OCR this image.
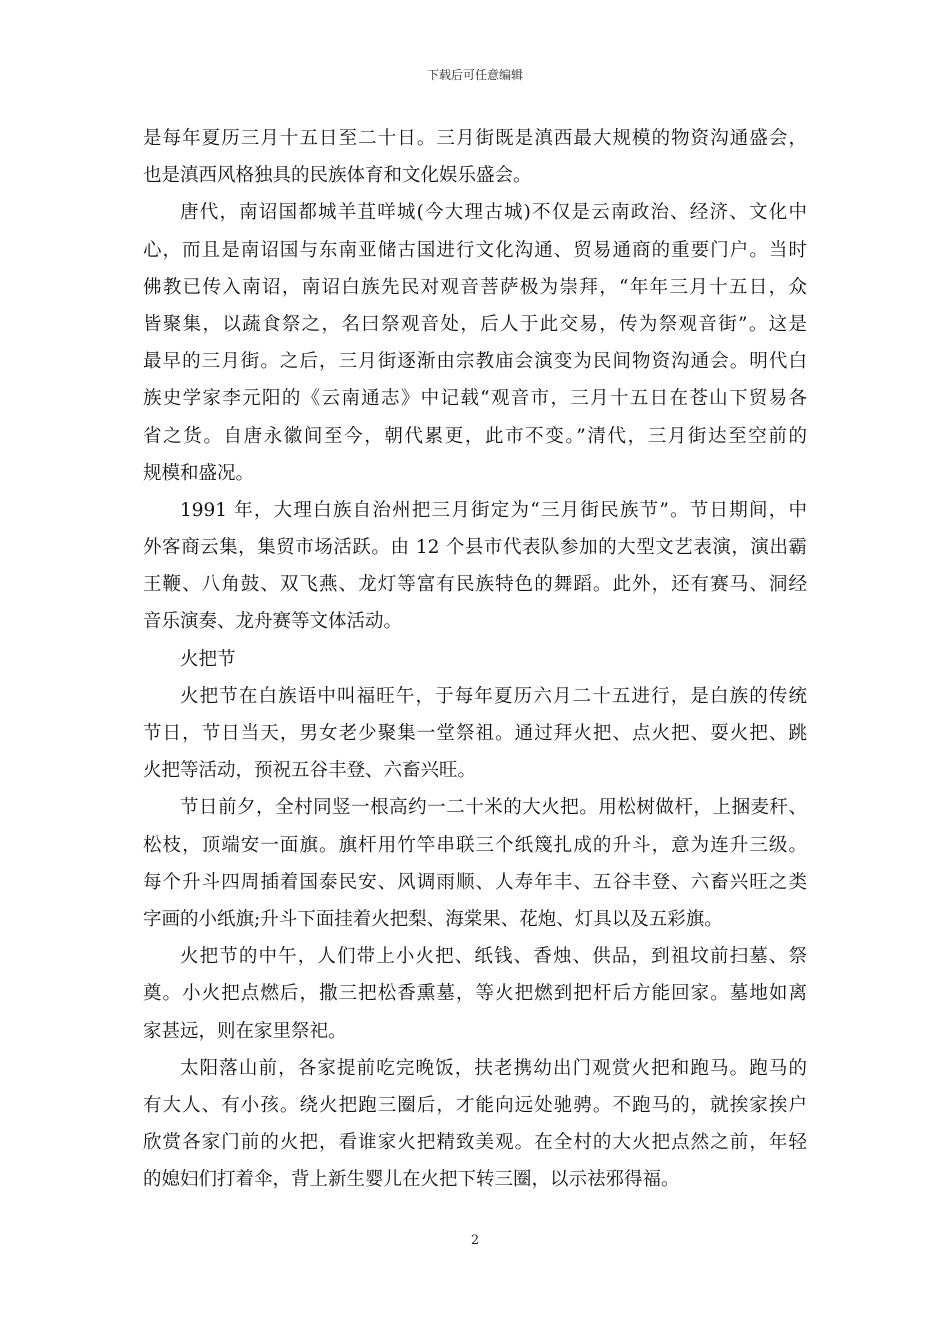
下载后可任意编辑
是每年夏历三月十五日至二十日。三月街既是滇西最大规模的物资沟通盛会，
也是滇西风格独具的民族体育和文化娱乐盛会。
唐代，南诏国都城羊苴咩城(今大理古城)不仅是云南政治、经济、文化中
心，而且是南诏国与东南亚储古国进行文化沟通、贸易通商的重要门户。当时
佛教已传入南诏，南诏白族先民对观音菩萨极为崇拜，“年年三月十五日，众
皆聚集，以蔬食祭之，名曰祭观音处，后人于此交易，传为祭观音街”。这是
最早的三月街。之后，三月街逐渐由宗教庙会演变为民间物资沟通会。明代白
族史学家李元阳的《云南通志》中记载“观音市，三月十五日在苍山下贸易各
省之货。自唐永徽间至今，朝代累更，此市不变。”清代，三月街达至空前的
规模和盛况。
1991 年，大理白族自治州把三月街定为“三月街民族节”。节日期间，中
外客商云集，集贸市场活跃。由 12 个县市代表队参加的大型文艺表演，演出霸
王鞭、八角鼓、双飞燕、龙灯等富有民族特色的舞蹈。此外，还有赛马、洞经
音乐演奏、龙舟赛等文体活动。
火把节
火把节在白族语中叫福旺午，于每年夏历六月二十五进行，是白族的传统
节日，节日当天，男女老少聚集一堂祭祖。通过拜火把、点火把、耍火把、跳
火把等活动，预祝五谷丰登、六畜兴旺。
节日前夕，全村同竖一根高约一二十米的大火把。用松树做杆，上捆麦秆、
松枝，顶端安一面旗。旗杆用竹竿串联三个纸篾扎成的升斗，意为连升三级。
每个升斗四周插着国泰民安、风调雨顺、人寿年丰、五谷丰登、六畜兴旺之类
字画的小纸旗;升斗下面挂着火把梨、海棠果、花炮、灯具以及五彩旗。
火把节的中午，人们带上小火把、纸钱、香烛、供品，到祖坟前扫墓、祭
奠。小火把点燃后，撒三把松香熏墓，等火把燃到把杆后方能回家。墓地如离
家甚远，则在家里祭祀。
太阳落山前，各家提前吃完晚饭，扶老携幼出门观赏火把和跑马。跑马的
有大人、有小孩。绕火把跑三圈后，才能向远处驰骋。不跑马的，就挨家挨户
欣赏各家门前的火把，看谁家火把精致美观。在全村的大火把点然之前，年轻
的媳妇们打着伞，背上新生婴儿在火把下转三圈，以示祛邪得福。
2
